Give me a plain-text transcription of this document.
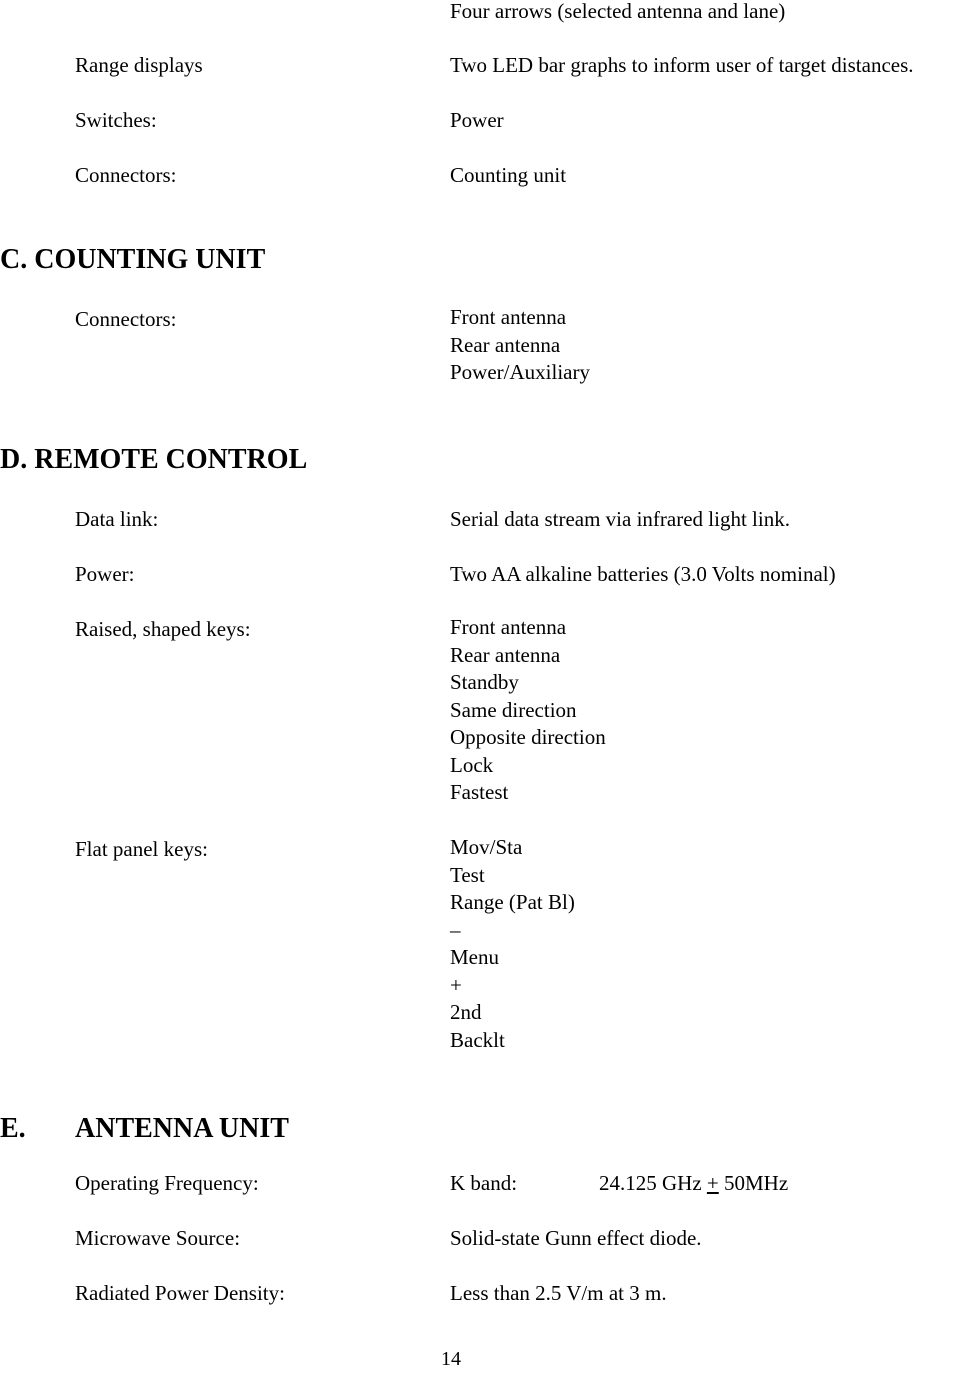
Four arrows (selected antenna and lane)
Range displays	Two LED bar graphs to inform user of target distances.
Switches:	Power
Connectors:	Counting unit
C. COUNTING UNIT
Connectors:	Front antenna
Rear antenna
Power/Auxiliary
D. REMOTE CONTROL
Data link:	Serial data stream via infrared light link.
Power:	Two AA alkaline batteries (3.0 Volts nominal)
Raised, shaped keys:	Front antenna
Rear antenna
Standby
Same direction
Opposite direction
Lock
Fastest
Flat panel keys:	Mov/Sta
Test
Range (Pat Bl)
–
Menu
+
2nd
Backlt
E. ANTENNA UNIT
Operating Frequency:	K band:	24.125 GHz + 50MHz
Microwave Source:	Solid-state Gunn effect diode.
Radiated Power Density:	Less than 2.5 V/m at 3 m.
14
